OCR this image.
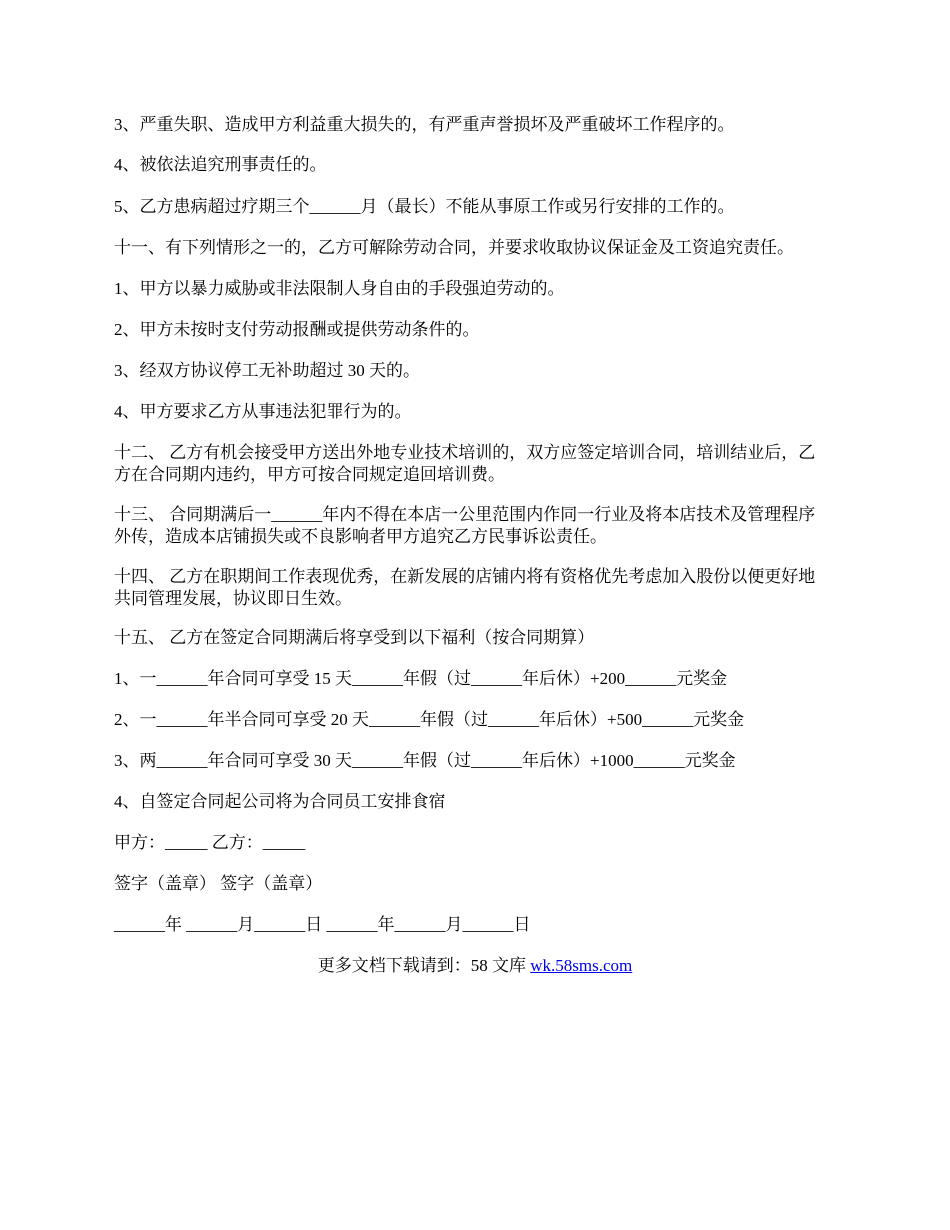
3、严重失职、造成甲方利益重大损失的，有严重声誉损坏及严重破坏工作程序的。
4、被依法追究刑事责任的。
5、乙方患病超过疗期三个______月（最长）不能从事原工作或另行安排的工作的。
十一、有下列情形之一的，乙方可解除劳动合同，并要求收取协议保证金及工资追究责任。
1、甲方以暴力威胁或非法限制人身自由的手段强迫劳动的。
2、甲方未按时支付劳动报酬或提供劳动条件的。
3、经双方协议停工无补助超过 30 天的。
4、甲方要求乙方从事违法犯罪行为的。
十二、 乙方有机会接受甲方送出外地专业技术培训的，双方应签定培训合同，培训结业后，乙方在合同期内违约，甲方可按合同规定追回培训费。
十三、 合同期满后一______年内不得在本店一公里范围内作同一行业及将本店技术及管理程序外传，造成本店铺损失或不良影响者甲方追究乙方民事诉讼责任。
十四、 乙方在职期间工作表现优秀，在新发展的店铺内将有资格优先考虑加入股份以便更好地共同管理发展，协议即日生效。
十五、 乙方在签定合同期满后将享受到以下福利（按合同期算）
1、一______年合同可享受 15 天______年假（过______年后休）+200______元奖金
2、一______年半合同可享受 20 天______年假（过______年后休）+500______元奖金
3、两______年合同可享受 30 天______年假（过______年后休）+1000______元奖金
4、自签定合同起公司将为合同员工安排食宿
甲方：_____ 乙方：_____
签字（盖章） 签字（盖章）
______年 ______月______日 ______年______月______日
更多文档下载请到：58 文库 wk.58sms.com
